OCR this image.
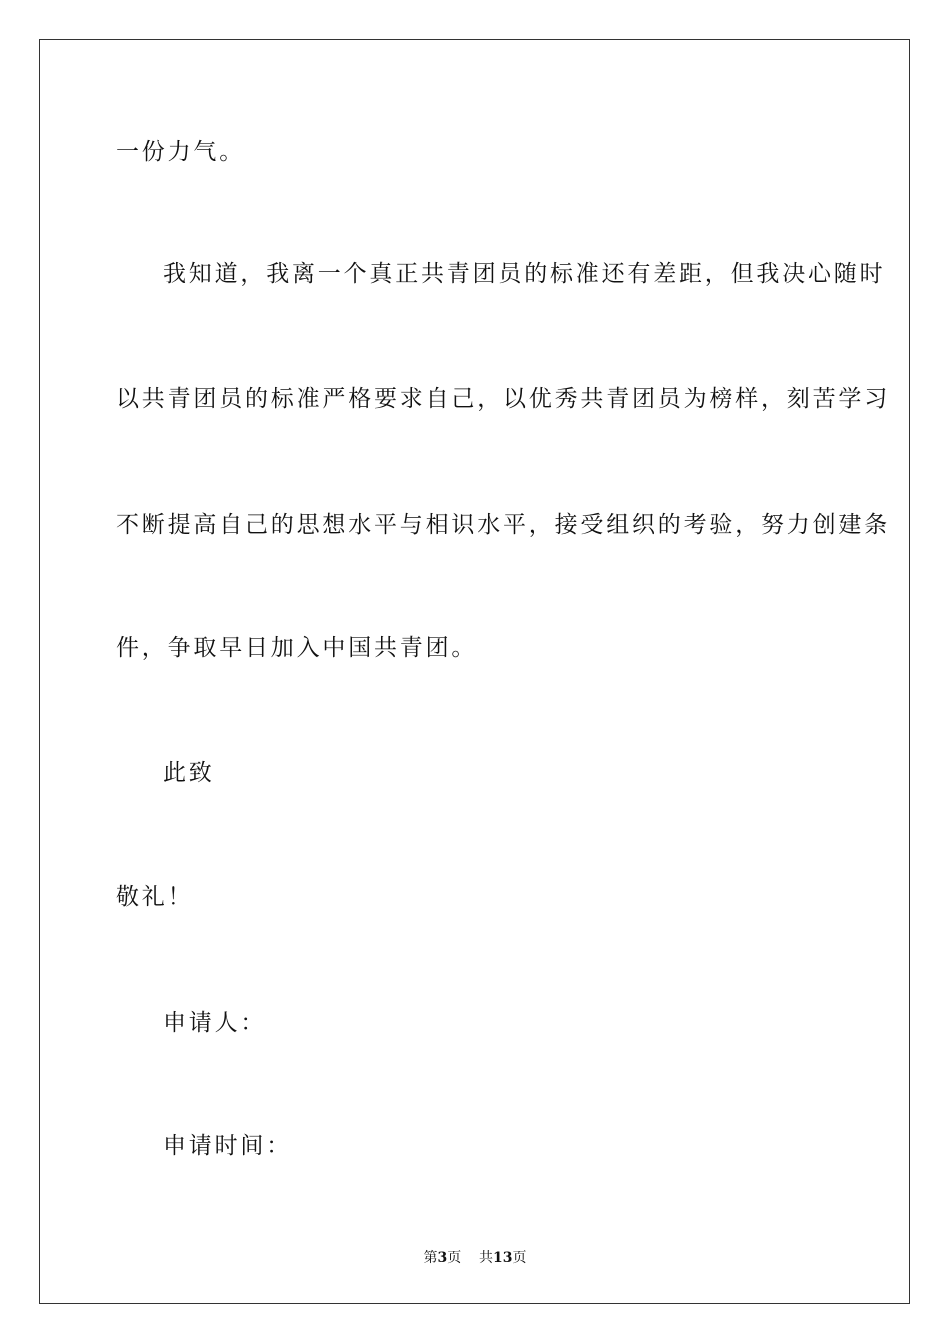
一份力气。
我知道，我离一个真正共青团员的标准还有差距，但我决心随时
以共青团员的标准严格要求自己，以优秀共青团员为榜样，刻苦学习
不断提高自己的思想水平与相识水平，接受组织的考验，努力创建条
件，争取早日加入中国共青团。
此致
敬礼！
申请人：
申请时间：
第3页 共13页
